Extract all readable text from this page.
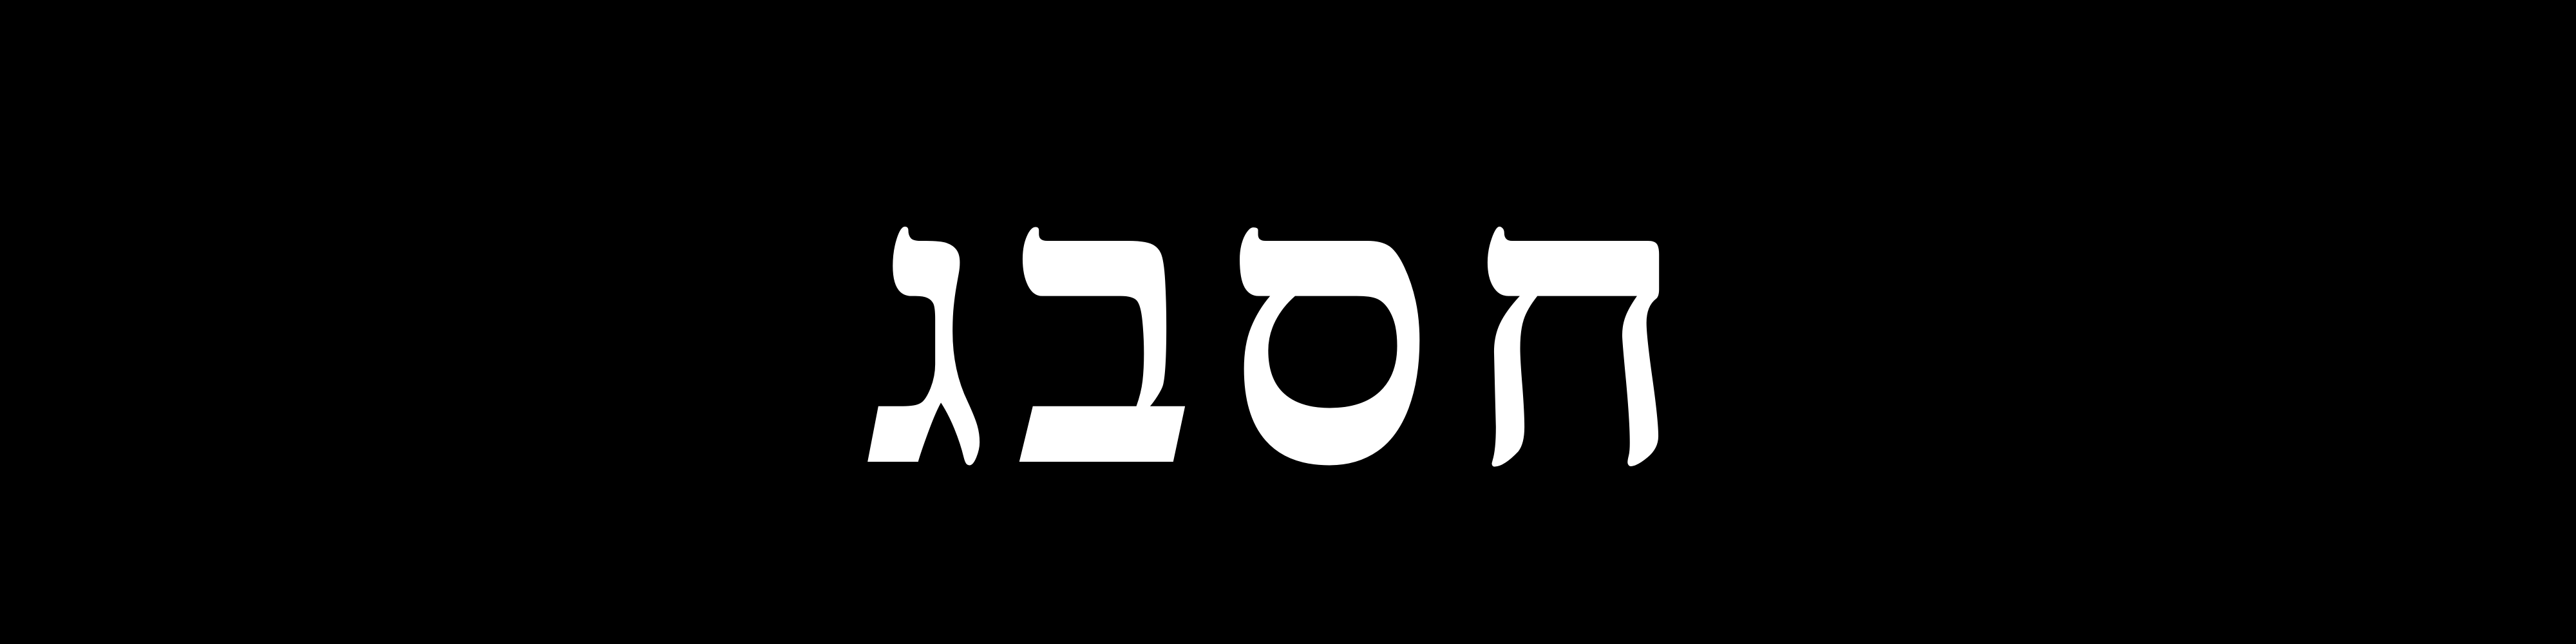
חסבג
